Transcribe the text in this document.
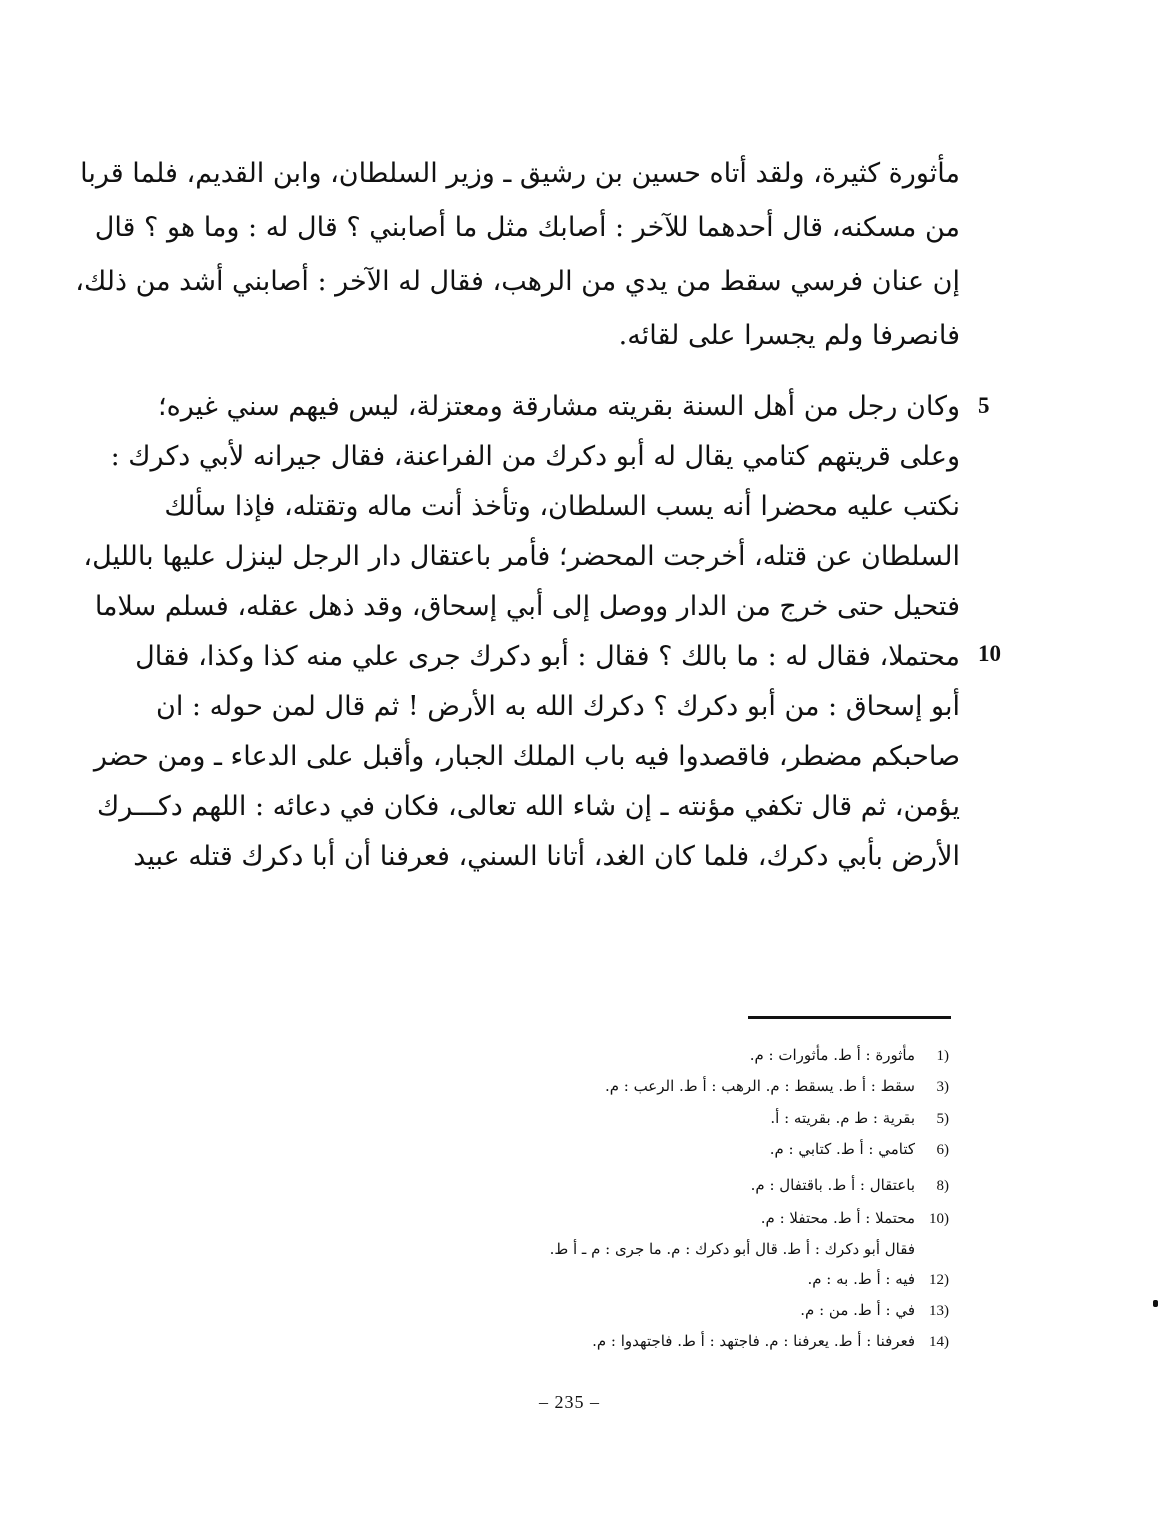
مأثورة كثيرة، ولقد أتاه حسين بن رشيق ـ وزير السلطان، وابن القديم، فلما قربا
من مسكنه، قال أحدهما للآخر : أصابك مثل ما أصابني ؟ قال له : وما هو ؟ قال
إن عنان فرسي سقط من يدي من الرهب، فقال له الآخر : أصابني أشد من ذلك،
فانصرفا ولم يجسرا على لقائه.
وكان رجل من أهل السنة بقريته مشارقة ومعتزلة، ليس فيهم سني غيره؛
وعلى قريتهم كتامي يقال له أبو دكرك من الفراعنة، فقال جيرانه لأبي دكرك :
نكتب عليه محضرا أنه يسب السلطان، وتأخذ أنت ماله وتقتله، فإذا سألك
السلطان عن قتله، أخرجت المحضر؛ فأمر باعتقال دار الرجل لينزل عليها بالليل،
فتحيل حتى خرج من الدار ووصل إلى أبي إسحاق، وقد ذهل عقله، فسلم سلاما
محتملا، فقال له : ما بالك ؟ فقال : أبو دكرك جرى علي منه كذا وكذا، فقال
أبو إسحاق : من أبو دكرك ؟ دكرك الله به الأرض ! ثم قال لمن حوله : ان
صاحبكم مضطر، فاقصدوا فيه باب الملك الجبار، وأقبل على الدعاء ـ ومن حضر
يؤمن، ثم قال تكفي مؤنته ـ إن شاء الله تعالى، فكان في دعائه : اللهم دكـــرك
الأرض بأبي دكرك، فلما كان الغد، أتانا السني، فعرفنا أن أبا دكرك قتله عبيد
5
10
1)مأثورة : أ ط. مأثورات : م.
3)سقط : أ ط. يسقط : م. الرهب : أ ط. الرعب : م.
5)بقرية : ط م. بقريته : أ.
6)كتامي : أ ط. كتابي : م.
8)باعتقال : أ ط. باقتفال : م.
10)محتملا : أ ط. محتفلا : م.
فقال أبو دكرك : أ ط. قال أبو دكرك : م. ما جرى : م ـ أ ط.
12)فيه : أ ط. به : م.
13)في : أ ط. من : م.
14)فعرفنا : أ ط. يعرفنا : م. فاجتهد : أ ط. فاجتهدوا : م.
– 235 –
